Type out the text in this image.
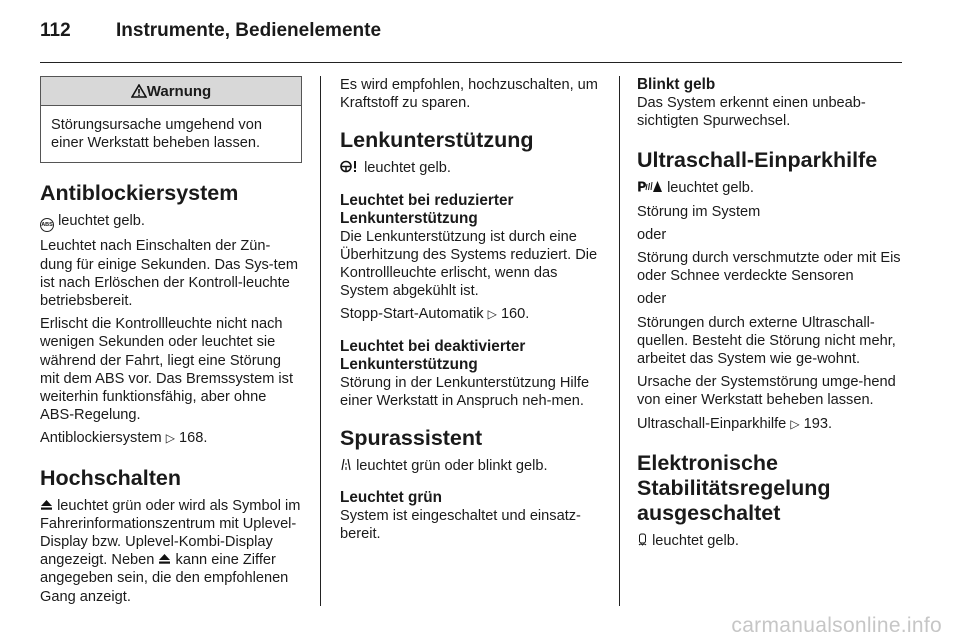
112	Instrumente, Bedienelemente
Warnung
Störungsursache umgehend von einer Werkstatt beheben lassen.
Antiblockiersystem

ABS leuchtet gelb.

Leuchtet nach Einschalten der Zün-dung für einige Sekunden. Das Sys-tem ist nach Erlöschen der Kontroll-leuchte betriebsbereit.

Erlischt die Kontrollleuchte nicht nach wenigen Sekunden oder leuchtet sie während der Fahrt, liegt eine Störung mit dem ABS vor. Das Bremssystem ist weiterhin funktionsfähig, aber ohne ABS-Regelung.

Antiblockiersystem ▷ 168.

Hochschalten

leuchtet grün oder wird als Symbol im Fahrerinformationszentrum mit Uplevel-Display bzw. Uplevel-Kombi-Display angezeigt. Neben kann eine Ziffer angegeben sein, die den empfohlenen Gang anzeigt.

Es wird empfohlen, hochzuschalten, um Kraftstoff zu sparen.

Lenkunterstützung

leuchtet gelb.

Leuchtet bei reduzierter Lenkunterstützung

Die Lenkunterstützung ist durch eine Überhitzung des Systems reduziert. Die Kontrollleuchte erlischt, wenn das System abgekühlt ist.

Stopp-Start-Automatik ▷ 160.

Leuchtet bei deaktivierter Lenkunterstützung

Störung in der Lenkunterstützung Hilfe einer Werkstatt in Anspruch neh-men.

Spurassistent

leuchtet grün oder blinkt gelb.

Leuchtet grün

System ist eingeschaltet und einsatz-bereit.

Blinkt gelb

Das System erkennt einen unbeab-sichtigten Spurwechsel.

Ultraschall-Einparkhilfe

P leuchtet gelb.

Störung im System

oder

Störung durch verschmutzte oder mit Eis oder Schnee verdeckte Sensoren

oder

Störungen durch externe Ultraschall-quellen. Besteht die Störung nicht mehr, arbeitet das System wie ge-wohnt.

Ursache der Systemstörung umge-hend von einer Werkstatt beheben lassen.

Ultraschall-Einparkhilfe ▷ 193.

Elektronische Stabilitätsregelung ausgeschaltet

leuchtet gelb.

carmanualsonline.info
